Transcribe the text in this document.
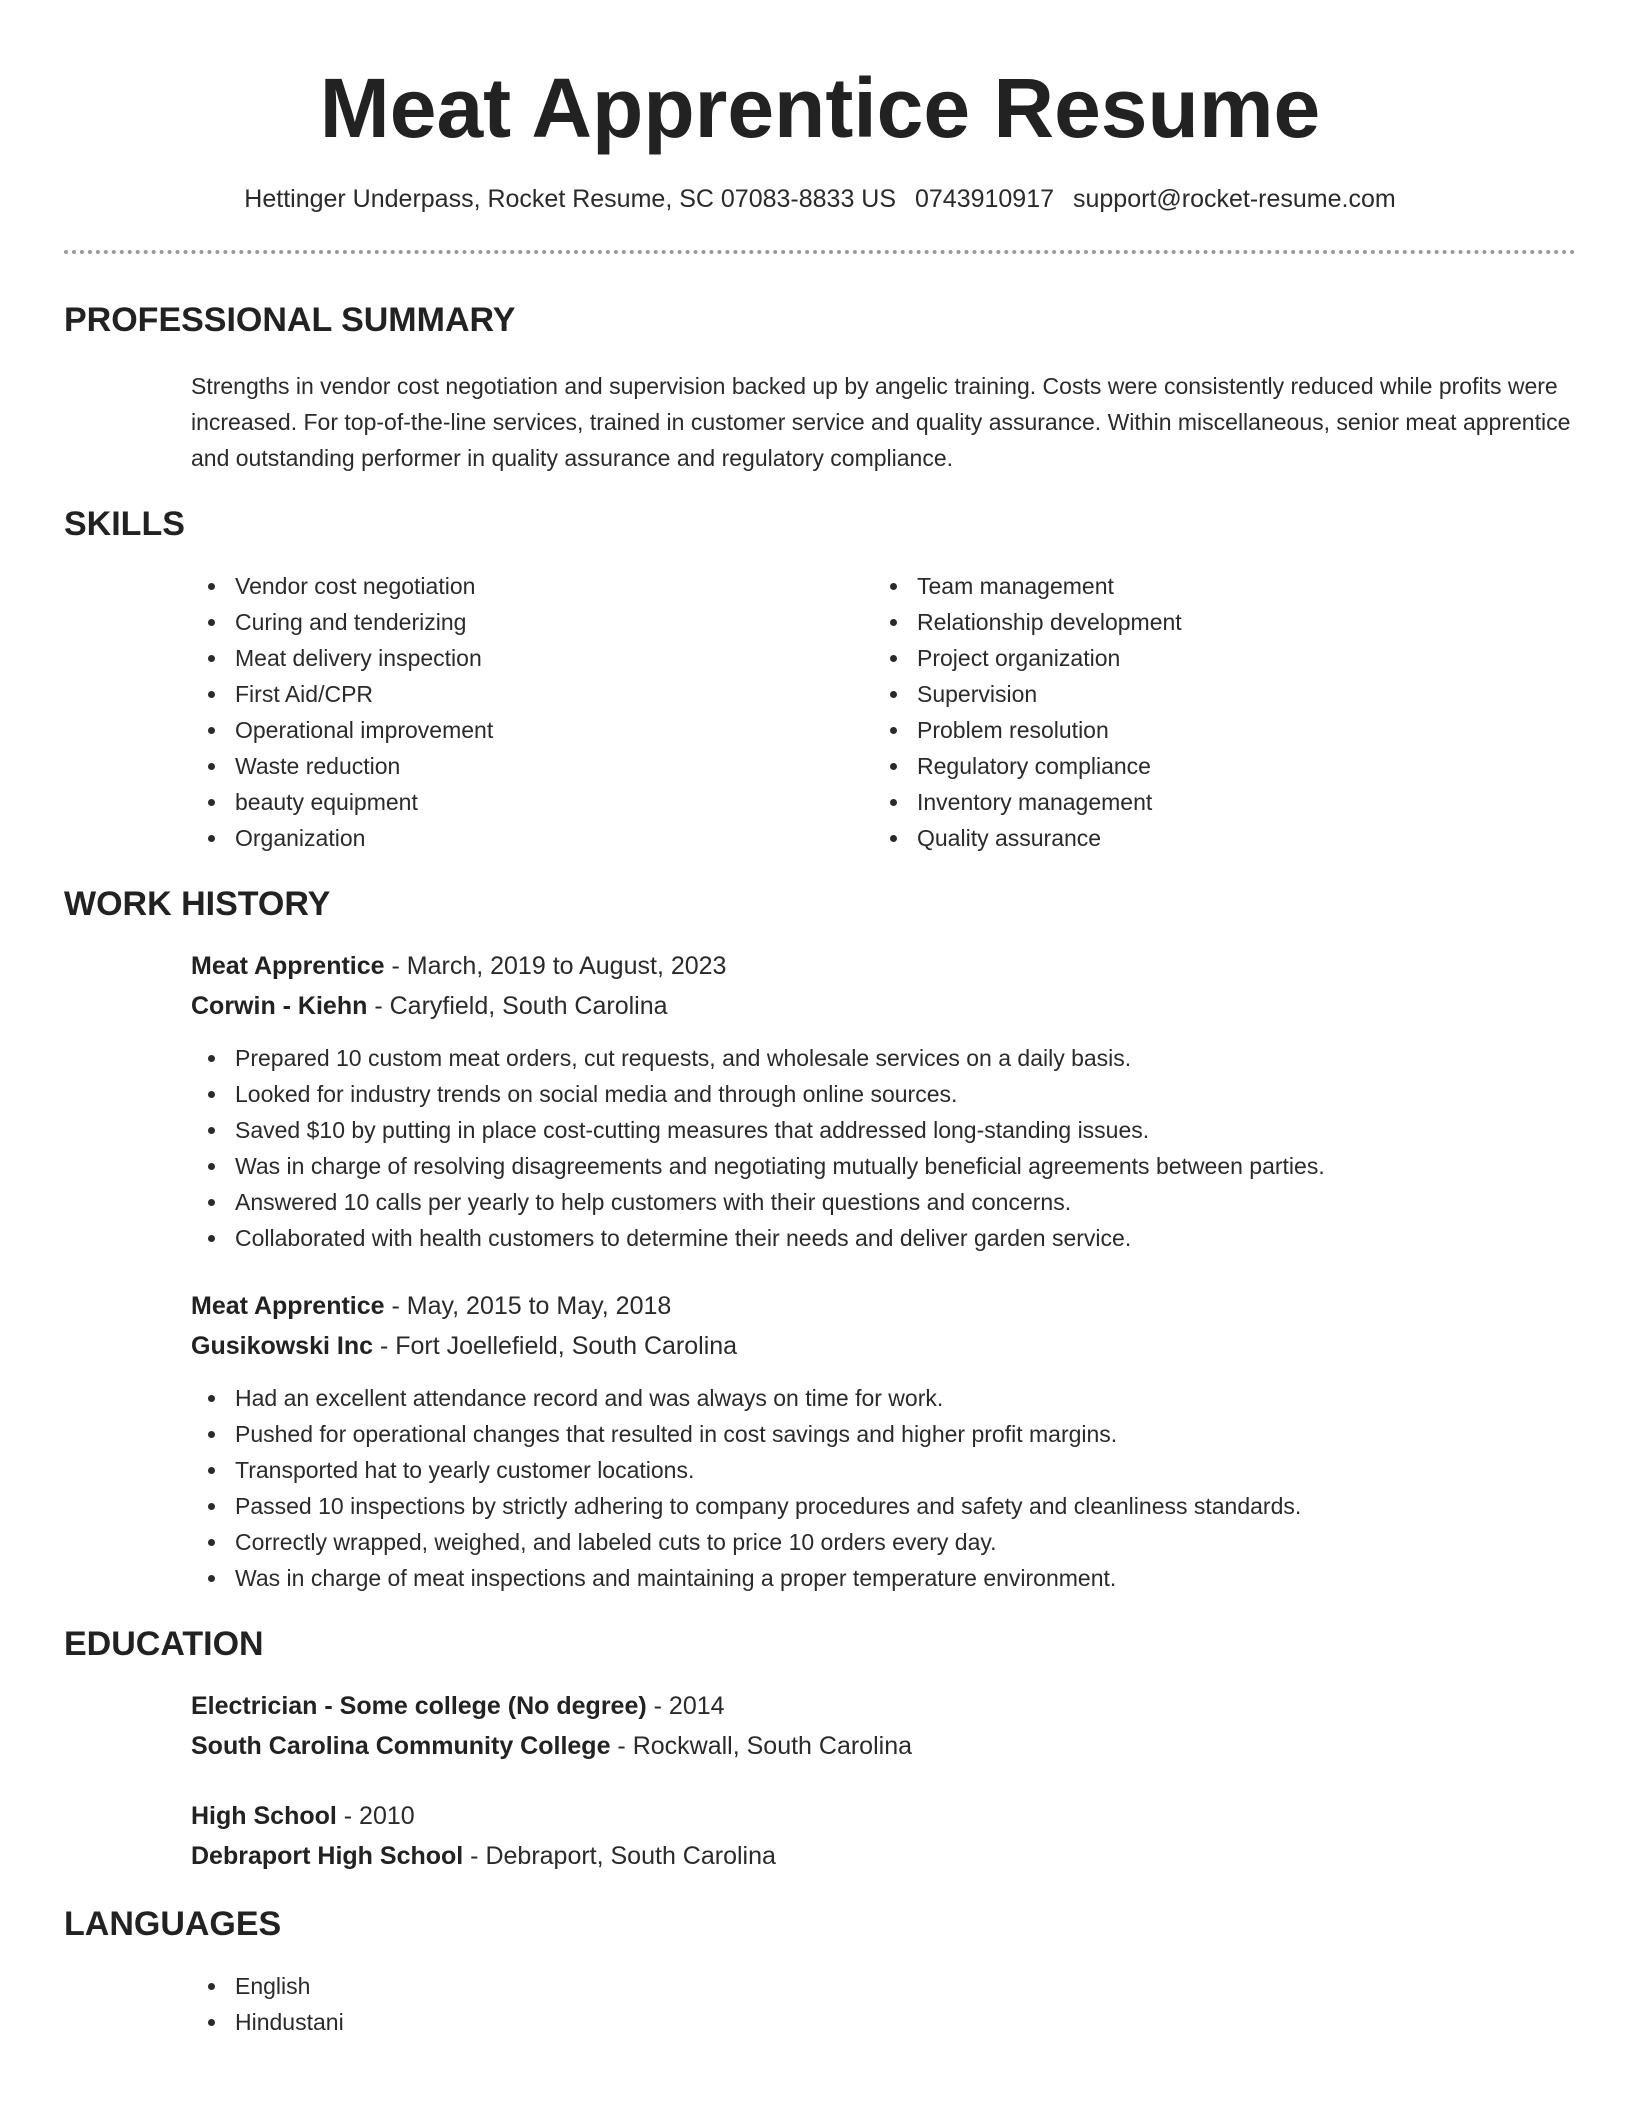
Meat Apprentice Resume
Hettinger Underpass, Rocket Resume, SC 07083-8833 US 0743910917 support@rocket-resume.com
PROFESSIONAL SUMMARY

Strengths in vendor cost negotiation and supervision backed up by angelic training. Costs were consistently reduced while profits were increased. For top-of-the-line services, trained in customer service and quality assurance. Within miscellaneous, senior meat apprentice and outstanding performer in quality assurance and regulatory compliance.

SKILLS
Vendor cost negotiation
Curing and tenderizing
Meat delivery inspection
First Aid/CPR
Operational improvement
Waste reduction
beauty equipment
Organization
Team management
Relationship development
Project organization
Supervision
Problem resolution
Regulatory compliance
Inventory management
Quality assurance
WORK HISTORY
Meat Apprentice - March, 2019 to August, 2023
Corwin - Kiehn - Caryfield, South Carolina
Prepared 10 custom meat orders, cut requests, and wholesale services on a daily basis.
Looked for industry trends on social media and through online sources.
Saved $10 by putting in place cost-cutting measures that addressed long-standing issues.
Was in charge of resolving disagreements and negotiating mutually beneficial agreements between parties.
Answered 10 calls per yearly to help customers with their questions and concerns.
Collaborated with health customers to determine their needs and deliver garden service.
Meat Apprentice - May, 2015 to May, 2018
Gusikowski Inc - Fort Joellefield, South Carolina
Had an excellent attendance record and was always on time for work.
Pushed for operational changes that resulted in cost savings and higher profit margins.
Transported hat to yearly customer locations.
Passed 10 inspections by strictly adhering to company procedures and safety and cleanliness standards.
Correctly wrapped, weighed, and labeled cuts to price 10 orders every day.
Was in charge of meat inspections and maintaining a proper temperature environment.
EDUCATION
Electrician - Some college (No degree) - 2014
South Carolina Community College - Rockwall, South Carolina
High School - 2010
Debraport High School - Debraport, South Carolina
LANGUAGES
English
Hindustani
